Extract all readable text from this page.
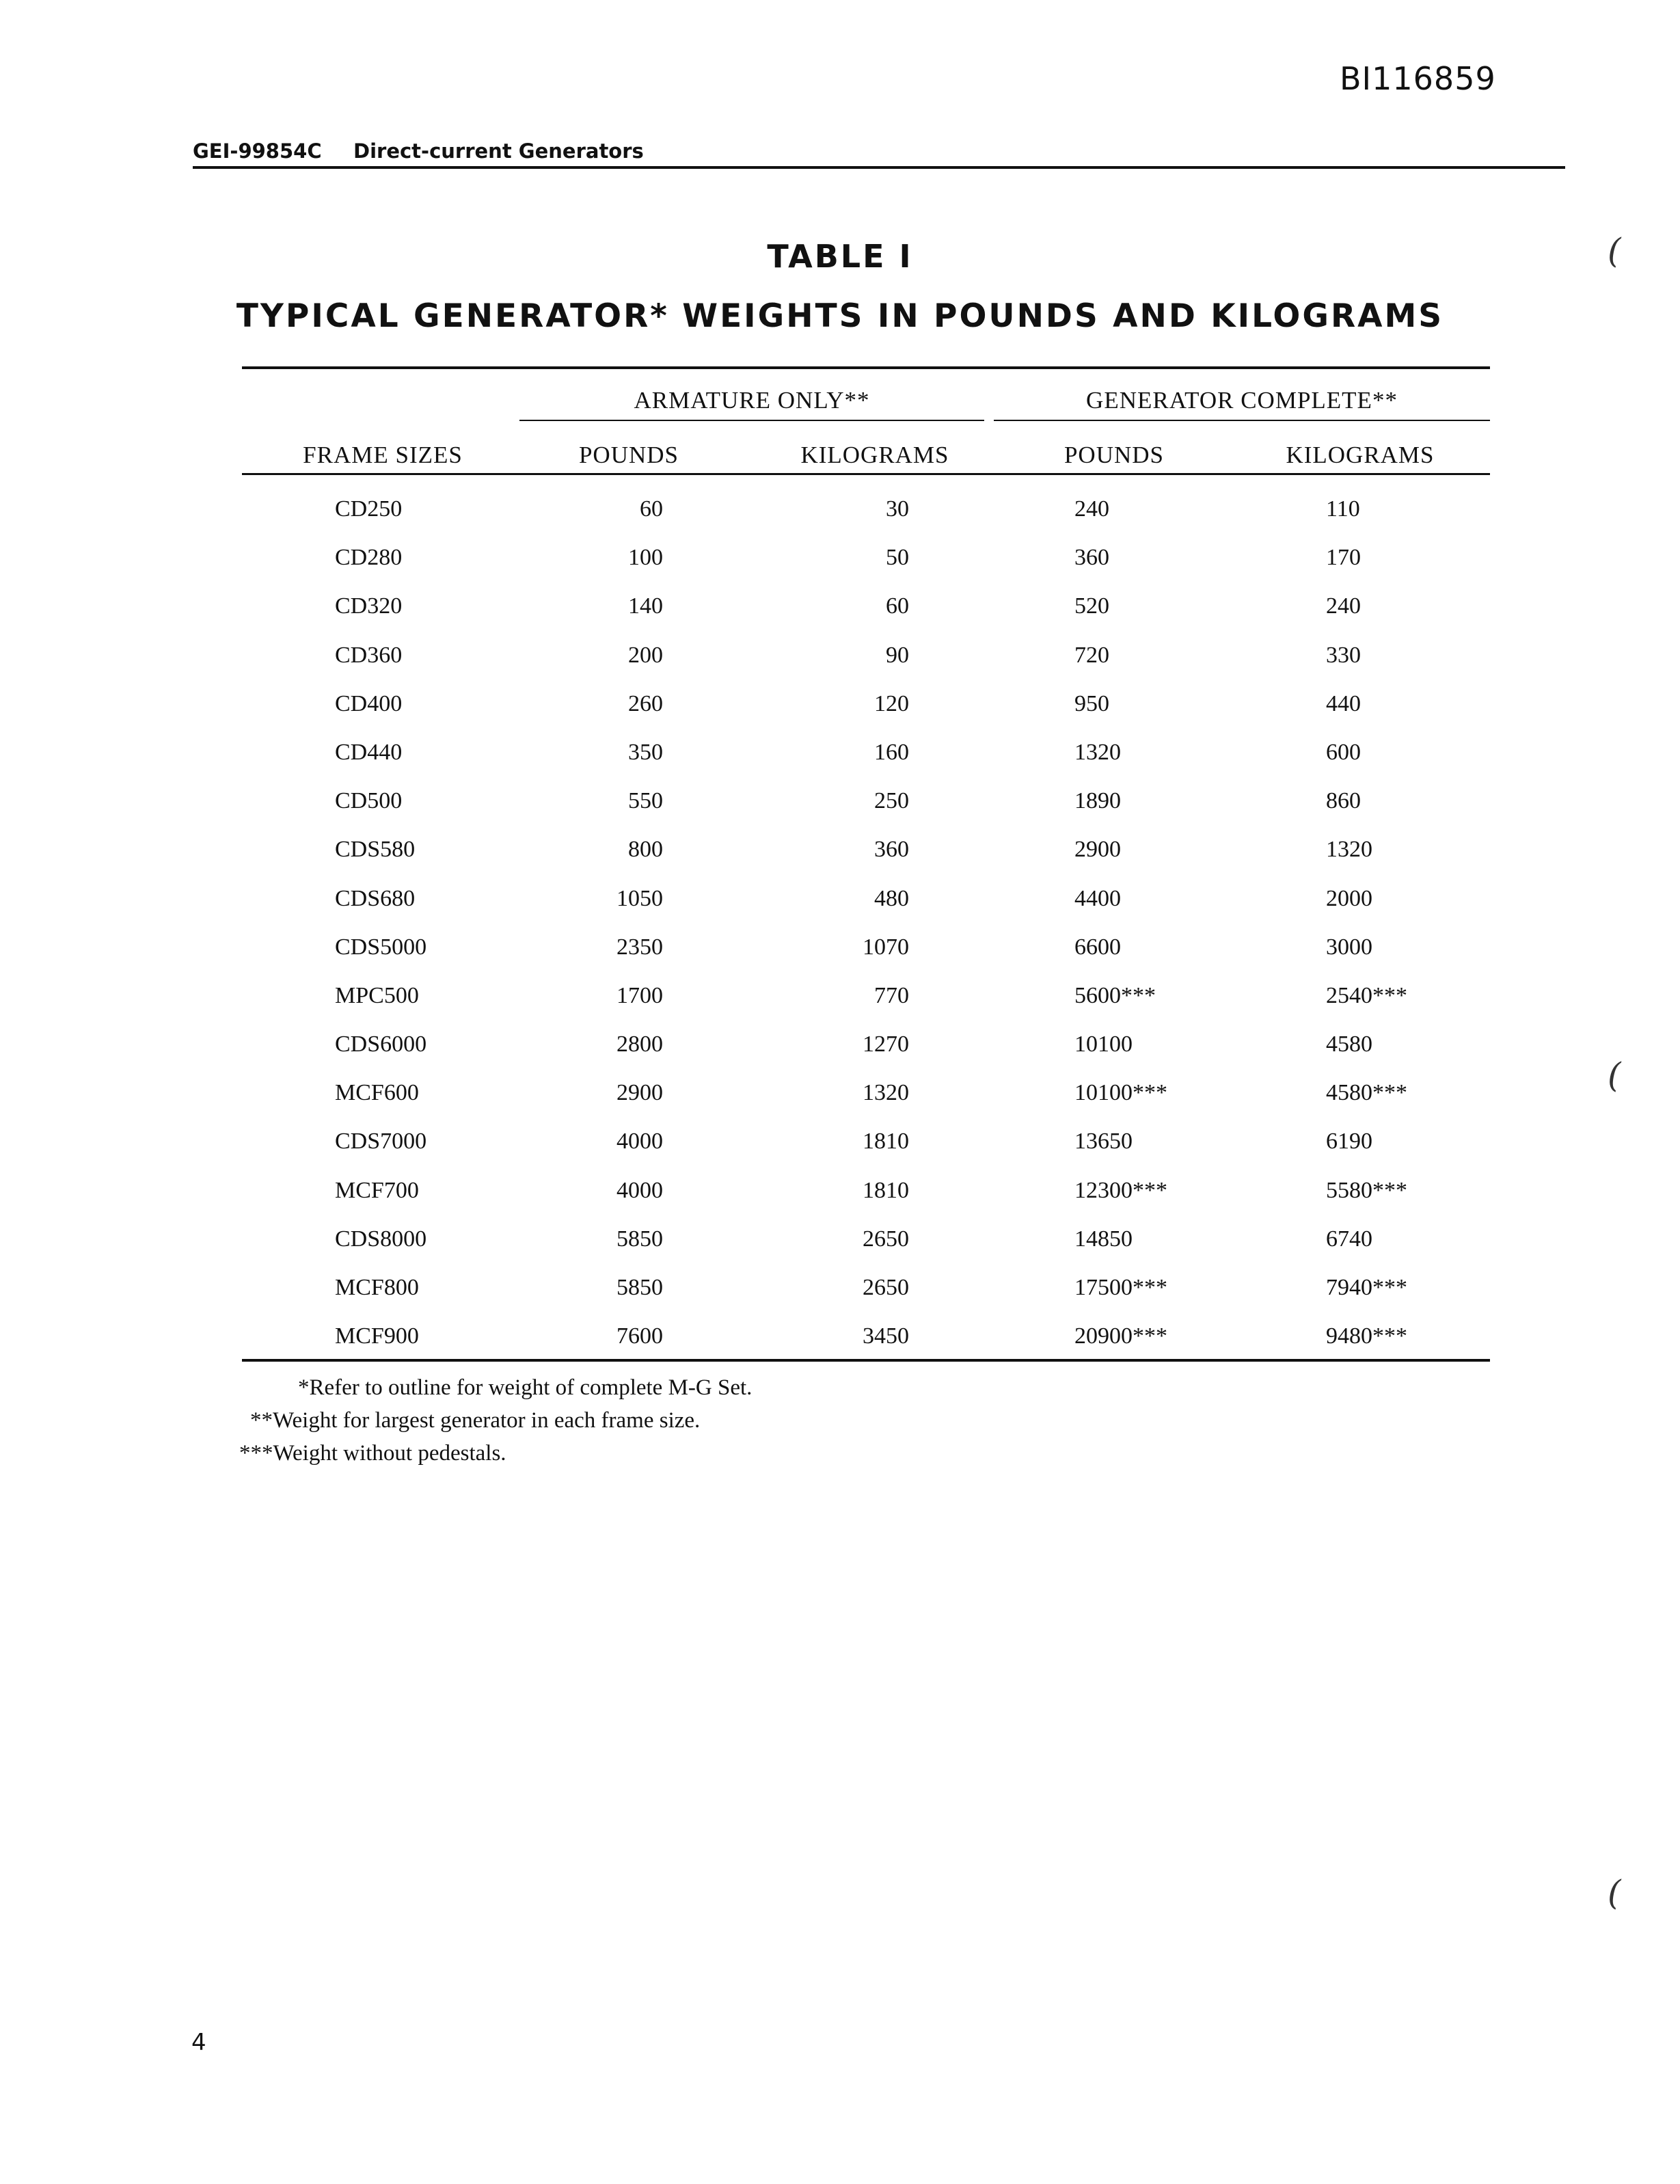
BI116859
GEI-99854C Direct-current Generators
TABLE I
TYPICAL GENERATOR* WEIGHTS IN POUNDS AND KILOGRAMS
ARMATURE ONLY**	GENERATOR COMPLETE**
FRAME SIZES	POUNDS	KILOGRAMS	POUNDS	KILOGRAMS
CD250	60	30	240	110
CD280	100	50	360	170
CD320	140	60	520	240
CD360	200	90	720	330
CD400	260	120	950	440
CD440	350	160	1320	600
CD500	550	250	1890	860
CDS580	800	360	2900	1320
CDS680	1050	480	4400	2000
CDS5000	2350	1070	6600	3000
MPC500	1700	770	5600***	2540***
CDS6000	2800	1270	10100	4580
MCF600	2900	1320	10100***	4580***
CDS7000	4000	1810	13650	6190
MCF700	4000	1810	12300***	5580***
CDS8000	5850	2650	14850	6740
MCF800	5850	2650	17500***	7940***
MCF900	7600	3450	20900***	9480***
*Refer to outline for weight of complete M-G Set.
**Weight for largest generator in each frame size.
***Weight without pedestals.
4
(
(
(
